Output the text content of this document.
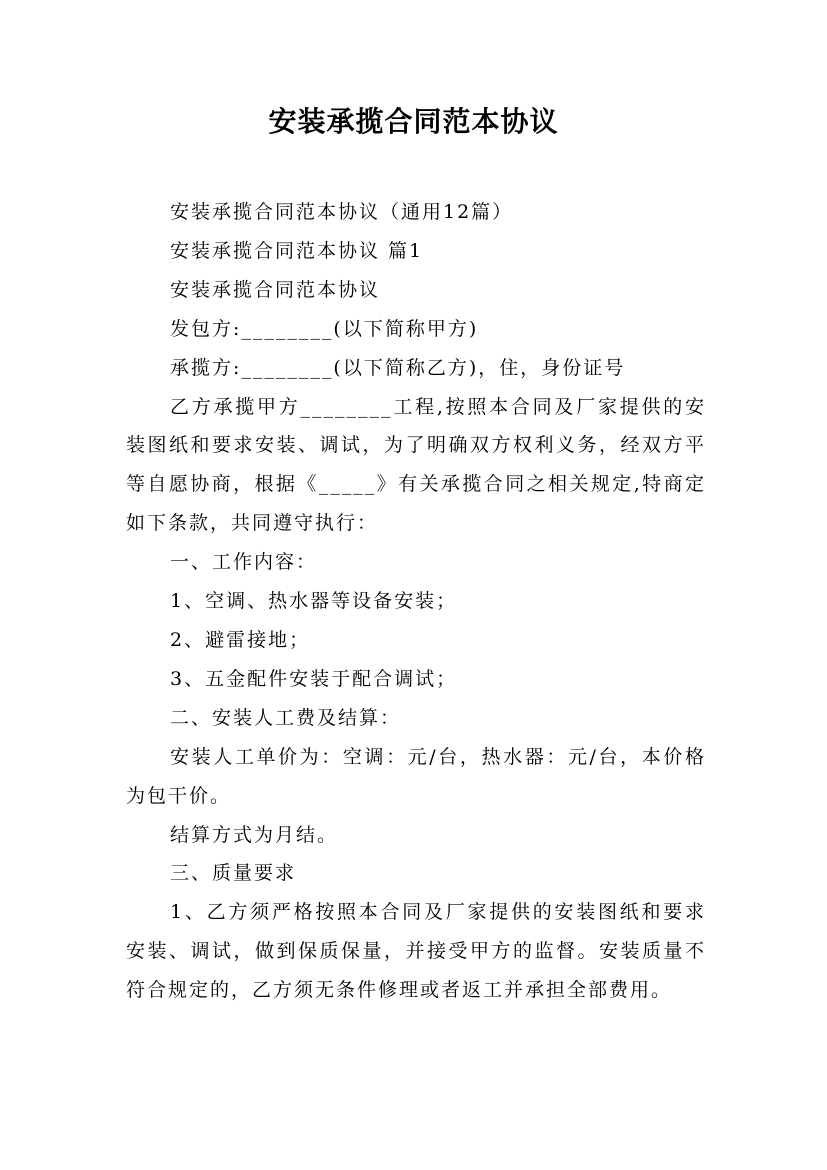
安装承揽合同范本协议

安装承揽合同范本协议（通用12篇）

安装承揽合同范本协议 篇1

安装承揽合同范本协议

发包方:________(以下简称甲方)

承揽方:________(以下简称乙方)，住，身份证号

乙方承揽甲方________工程,按照本合同及厂家提供的安装图纸和要求安装、调试，为了明确双方权利义务，经双方平等自愿协商，根据《_____》有关承揽合同之相关规定,特商定如下条款，共同遵守执行：

一、工作内容：

1、空调、热水器等设备安装；

2、避雷接地；

3、五金配件安装于配合调试；

二、安装人工费及结算：

安装人工单价为：空调：元/台，热水器：元/台，本价格为包干价。

结算方式为月结。

三、质量要求

1、乙方须严格按照本合同及厂家提供的安装图纸和要求安装、调试，做到保质保量，并接受甲方的监督。安装质量不符合规定的，乙方须无条件修理或者返工并承担全部费用。
